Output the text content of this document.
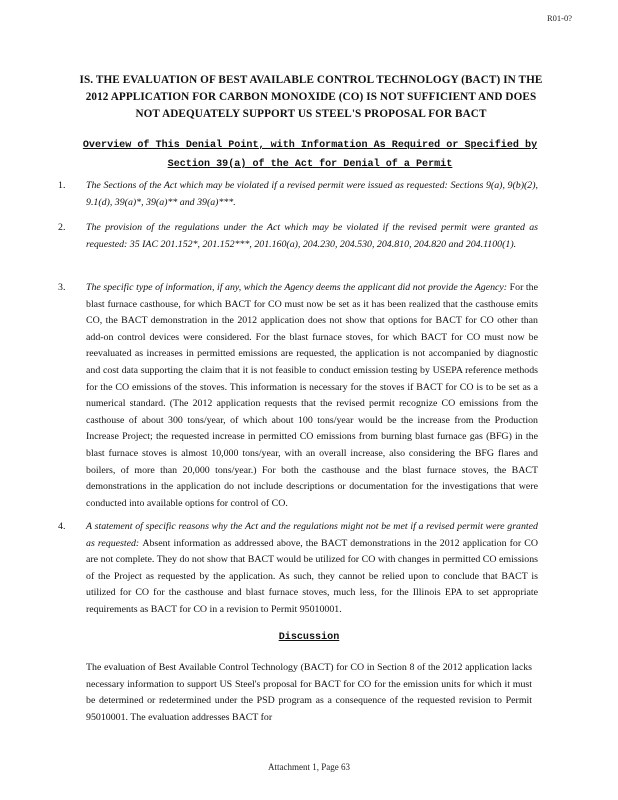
R01-0?
IS. THE EVALUATION OF BEST AVAILABLE CONTROL TECHNOLOGY (BACT) IN THE 2012 APPLICATION FOR CARBON MONOXIDE (CO) IS NOT SUFFICIENT AND DOES NOT ADEQUATELY SUPPORT US STEEL'S PROPOSAL FOR BACT
Overview of This Denial Point, with Information As Required or Specified by Section 39(a) of the Act for Denial of a Permit
1.	The Sections of the Act which may be violated if a revised permit were issued as requested: Sections 9(a), 9(b)(2), 9.1(d), 39(a)*, 39(a)** and 39(a)***.
2.	The provision of the regulations under the Act which may be violated if the revised permit were granted as requested: 35 IAC 201.152*, 201.152***, 201.160(a), 204.230, 204.530, 204.810, 204.820 and 204.1100(1).
3.	The specific type of information, if any, which the Agency deems the applicant did not provide the Agency: For the blast furnace casthouse, for which BACT for CO must now be set as it has been realized that the casthouse emits CO, the BACT demonstration in the 2012 application does not show that options for BACT for CO other than add-on control devices were considered. For the blast furnace stoves, for which BACT for CO must now be reevaluated as increases in permitted emissions are requested, the application is not accompanied by diagnostic and cost data supporting the claim that it is not feasible to conduct emission testing by USEPA reference methods for the CO emissions of the stoves. This information is necessary for the stoves if BACT for CO is to be set as a numerical standard. (The 2012 application requests that the revised permit recognize CO emissions from the casthouse of about 300 tons/year, of which about 100 tons/year would be the increase from the Production Increase Project; the requested increase in permitted CO emissions from burning blast furnace gas (BFG) in the blast furnace stoves is almost 10,000 tons/year, with an overall increase, also considering the BFG flares and boilers, of more than 20,000 tons/year.) For both the casthouse and the blast furnace stoves, the BACT demonstrations in the application do not include descriptions or documentation for the investigations that were conducted into available options for control of CO.
4.	A statement of specific reasons why the Act and the regulations might not be met if a revised permit were granted as requested: Absent information as addressed above, the BACT demonstrations in the 2012 application for CO are not complete. They do not show that BACT would be utilized for CO with changes in permitted CO emissions of the Project as requested by the application. As such, they cannot be relied upon to conclude that BACT is utilized for CO for the casthouse and blast furnace stoves, much less, for the Illinois EPA to set appropriate requirements as BACT for CO in a revision to Permit 95010001.
Discussion
The evaluation of Best Available Control Technology (BACT) for CO in Section 8 of the 2012 application lacks necessary information to support US Steel's proposal for BACT for CO for the emission units for which it must be determined or redetermined under the PSD program as a consequence of the requested revision to Permit 95010001. The evaluation addresses BACT for
Attachment 1, Page 63
